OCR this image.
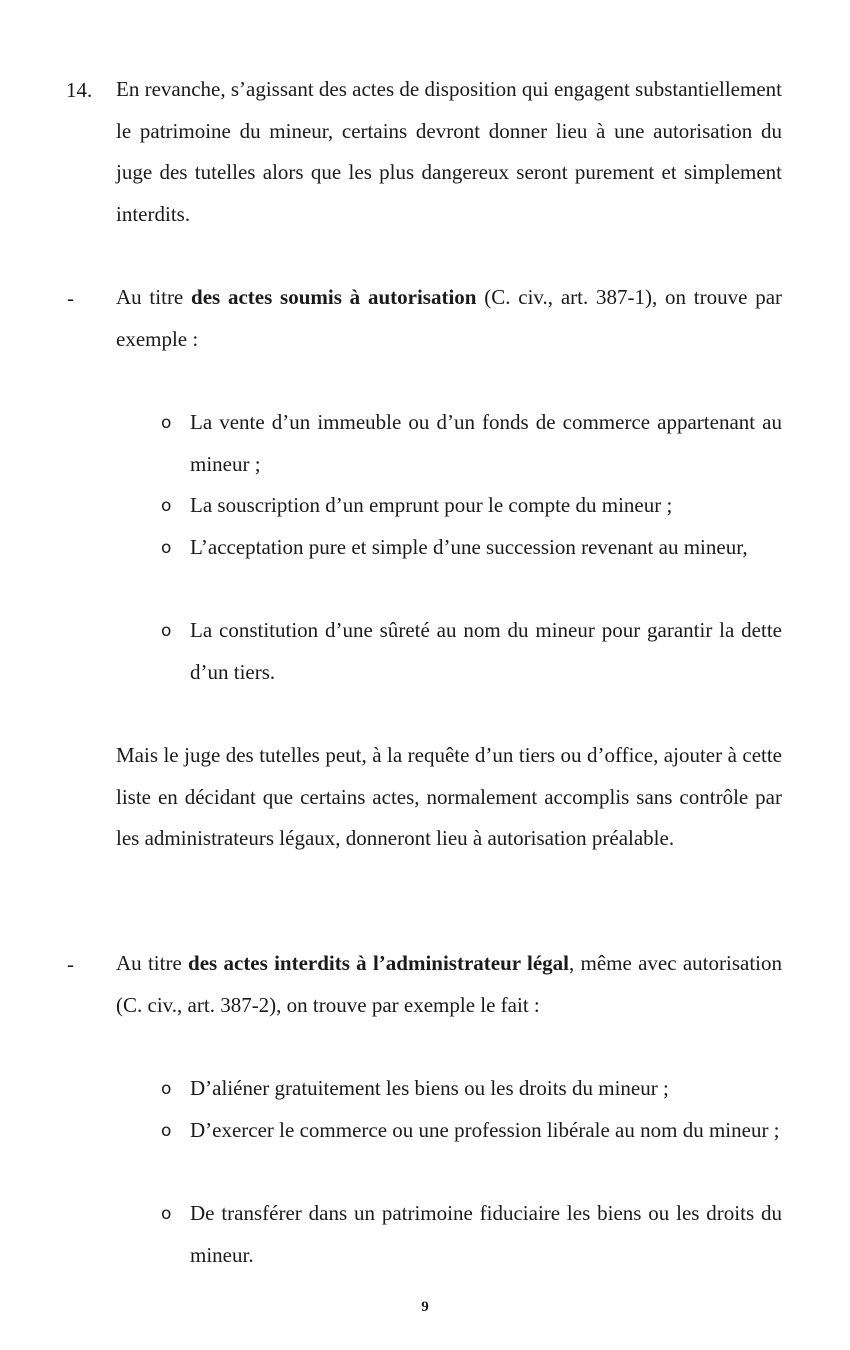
14. En revanche, s’agissant des actes de disposition qui engagent substantiellement le patrimoine du mineur, certains devront donner lieu à une autorisation du juge des tutelles alors que les plus dangereux seront purement et simplement interdits.
- Au titre des actes soumis à autorisation (C. civ., art. 387-1), on trouve par exemple :
o La vente d’un immeuble ou d’un fonds de commerce appartenant au mineur ;
o La souscription d’un emprunt pour le compte du mineur ;
o L’acceptation pure et simple d’une succession revenant au mineur,
o La constitution d’une sûreté au nom du mineur pour garantir la dette d’un tiers.
Mais le juge des tutelles peut, à la requête d’un tiers ou d’office, ajouter à cette liste en décidant que certains actes, normalement accomplis sans contrôle par les administrateurs légaux, donneront lieu à autorisation préalable.
- Au titre des actes interdits à l’administrateur légal, même avec autorisation (C. civ., art. 387-2), on trouve par exemple le fait :
o D’aliéner gratuitement les biens ou les droits du mineur ;
o D’exercer le commerce ou une profession libérale au nom du mineur ;
o De transférer dans un patrimoine fiduciaire les biens ou les droits du mineur.
9
